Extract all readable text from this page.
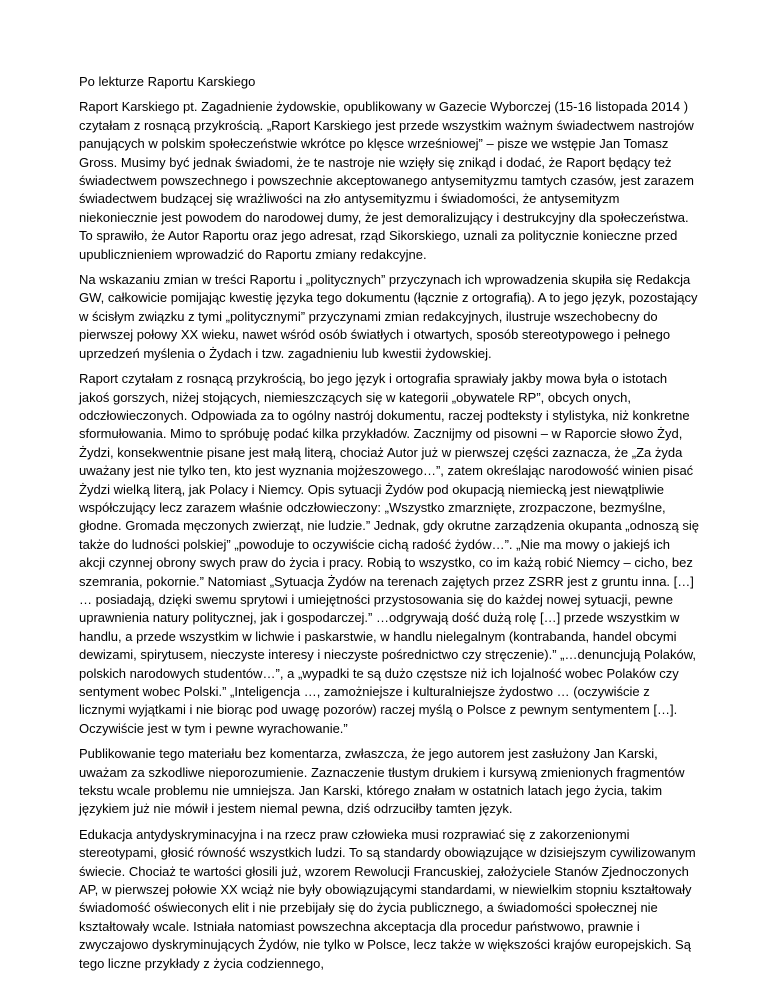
Po lekturze Raportu Karskiego

Raport Karskiego pt. Zagadnienie żydowskie, opublikowany w Gazecie Wyborczej (15-16 listopada 2014 ) czytałam z rosnącą przykrością. „Raport Karskiego jest przede wszystkim ważnym świadectwem nastrojów panujących w polskim społeczeństwie wkrótce po klęsce wrześniowej” – pisze we wstępie Jan Tomasz Gross. Musimy być jednak świadomi, że te nastroje nie wzięły się znikąd i dodać, że Raport będący też świadectwem powszechnego i powszechnie akceptowanego antysemityzmu tamtych czasów, jest zarazem świadectwem budzącej się wrażliwości na zło antysemityzmu i świadomości, że antysemityzm niekoniecznie jest powodem do narodowej dumy, że jest demoralizujący i destrukcyjny dla społeczeństwa. To sprawiło, że Autor Raportu oraz jego adresat, rząd Sikorskiego, uznali za politycznie konieczne przed upublicznieniem wprowadzić do Raportu zmiany redakcyjne.

Na wskazaniu zmian w treści Raportu i „politycznych” przyczynach ich wprowadzenia skupiła się Redakcja GW, całkowicie pomijając kwestię języka tego dokumentu (łącznie z ortografią). A to jego język, pozostający w ścisłym związku z tymi „politycznymi” przyczynami zmian redakcyjnych, ilustruje wszechobecny do pierwszej połowy XX wieku, nawet wśród osób światłych i otwartych, sposób stereotypowego i pełnego uprzedzeń myślenia o Żydach i tzw. zagadnieniu lub kwestii żydowskiej.

Raport czytałam z rosnącą przykrością, bo jego język i ortografia sprawiały jakby mowa była o istotach jakoś gorszych, niżej stojących, niemieszczących się w kategorii „obywatele RP”, obcych onych, odczłowieczonych. Odpowiada za to ogólny nastrój dokumentu, raczej podteksty i stylistyka, niż konkretne sformułowania. Mimo to spróbuję podać kilka przykładów. Zacznijmy od pisowni – w Raporcie słowo Żyd, Żydzi, konsekwentnie pisane jest małą literą, chociaż Autor już w pierwszej części zaznacza, że „Za żyda uważany jest nie tylko ten, kto jest wyznania mojżeszowego…”, zatem określając narodowość winien pisać Żydzi wielką literą, jak Polacy i Niemcy. Opis sytuacji Żydów pod okupacją niemiecką jest niewątpliwie współczujący lecz zarazem właśnie odczłowieczony: „Wszystko zmarznięte, zrozpaczone, bezmyślne, głodne. Gromada męczonych zwierząt, nie ludzie.” Jednak, gdy okrutne zarządzenia okupanta „odnoszą się także do ludności polskiej” „powoduje to oczywiście cichą radość żydów…”. „Nie ma mowy o jakiejś ich akcji czynnej obrony swych praw do życia i pracy. Robią to wszystko, co im każą robić Niemcy – cicho, bez szemrania, pokornie.” Natomiast „Sytuacja Żydów na terenach zajętych przez ZSRR jest z gruntu inna. […] … posiadają, dzięki swemu sprytowi i umiejętności przystosowania się do każdej nowej sytuacji, pewne uprawnienia natury politycznej, jak i gospodarczej.” …odgrywają dość dużą rolę […] przede wszystkim w handlu, a przede wszystkim w lichwie i paskarstwie, w handlu nielegalnym (kontrabanda, handel obcymi dewizami, spirytusem, nieczyste interesy i nieczyste pośrednictwo czy stręczenie).” „…denuncjują Polaków, polskich narodowych studentów…”, a „wypadki te są dużo częstsze niż ich lojalność wobec Polaków czy sentyment wobec Polski.” „Inteligencja …, zamożniejsze i kulturalniejsze żydostwo … (oczywiście z licznymi wyjątkami i nie biorąc pod uwagę pozorów) raczej myślą o Polsce z pewnym sentymentem […]. Oczywiście jest w tym i pewne wyrachowanie.”

Publikowanie tego materiału bez komentarza, zwłaszcza, że jego autorem jest zasłużony Jan Karski, uważam za szkodliwe nieporozumienie. Zaznaczenie tłustym drukiem i kursywą zmienionych fragmentów tekstu wcale problemu nie umniejsza. Jan Karski, którego znałam w ostatnich latach jego życia, takim językiem już nie mówił i jestem niemal pewna, dziś odrzuciłby tamten język.

Edukacja antydyskryminacyjna i na rzecz praw człowieka musi rozprawiać się z zakorzenionymi stereotypami, głosić równość wszystkich ludzi. To są standardy obowiązujące w dzisiejszym cywilizowanym świecie. Chociaż te wartości głosili już, wzorem Rewolucji Francuskiej, założyciele Stanów Zjednoczonych AP, w pierwszej połowie XX wciąż nie były obowiązującymi standardami, w niewielkim stopniu kształtowały świadomość oświeconych elit i nie przebijały się do życia publicznego, a świadomości społecznej nie kształtowały wcale. Istniała natomiast powszechna akceptacja dla procedur państwowo, prawnie i zwyczajowo dyskryminujących Żydów, nie tylko w Polsce, lecz także w większości krajów europejskich. Są tego liczne przykłady z życia codziennego,
